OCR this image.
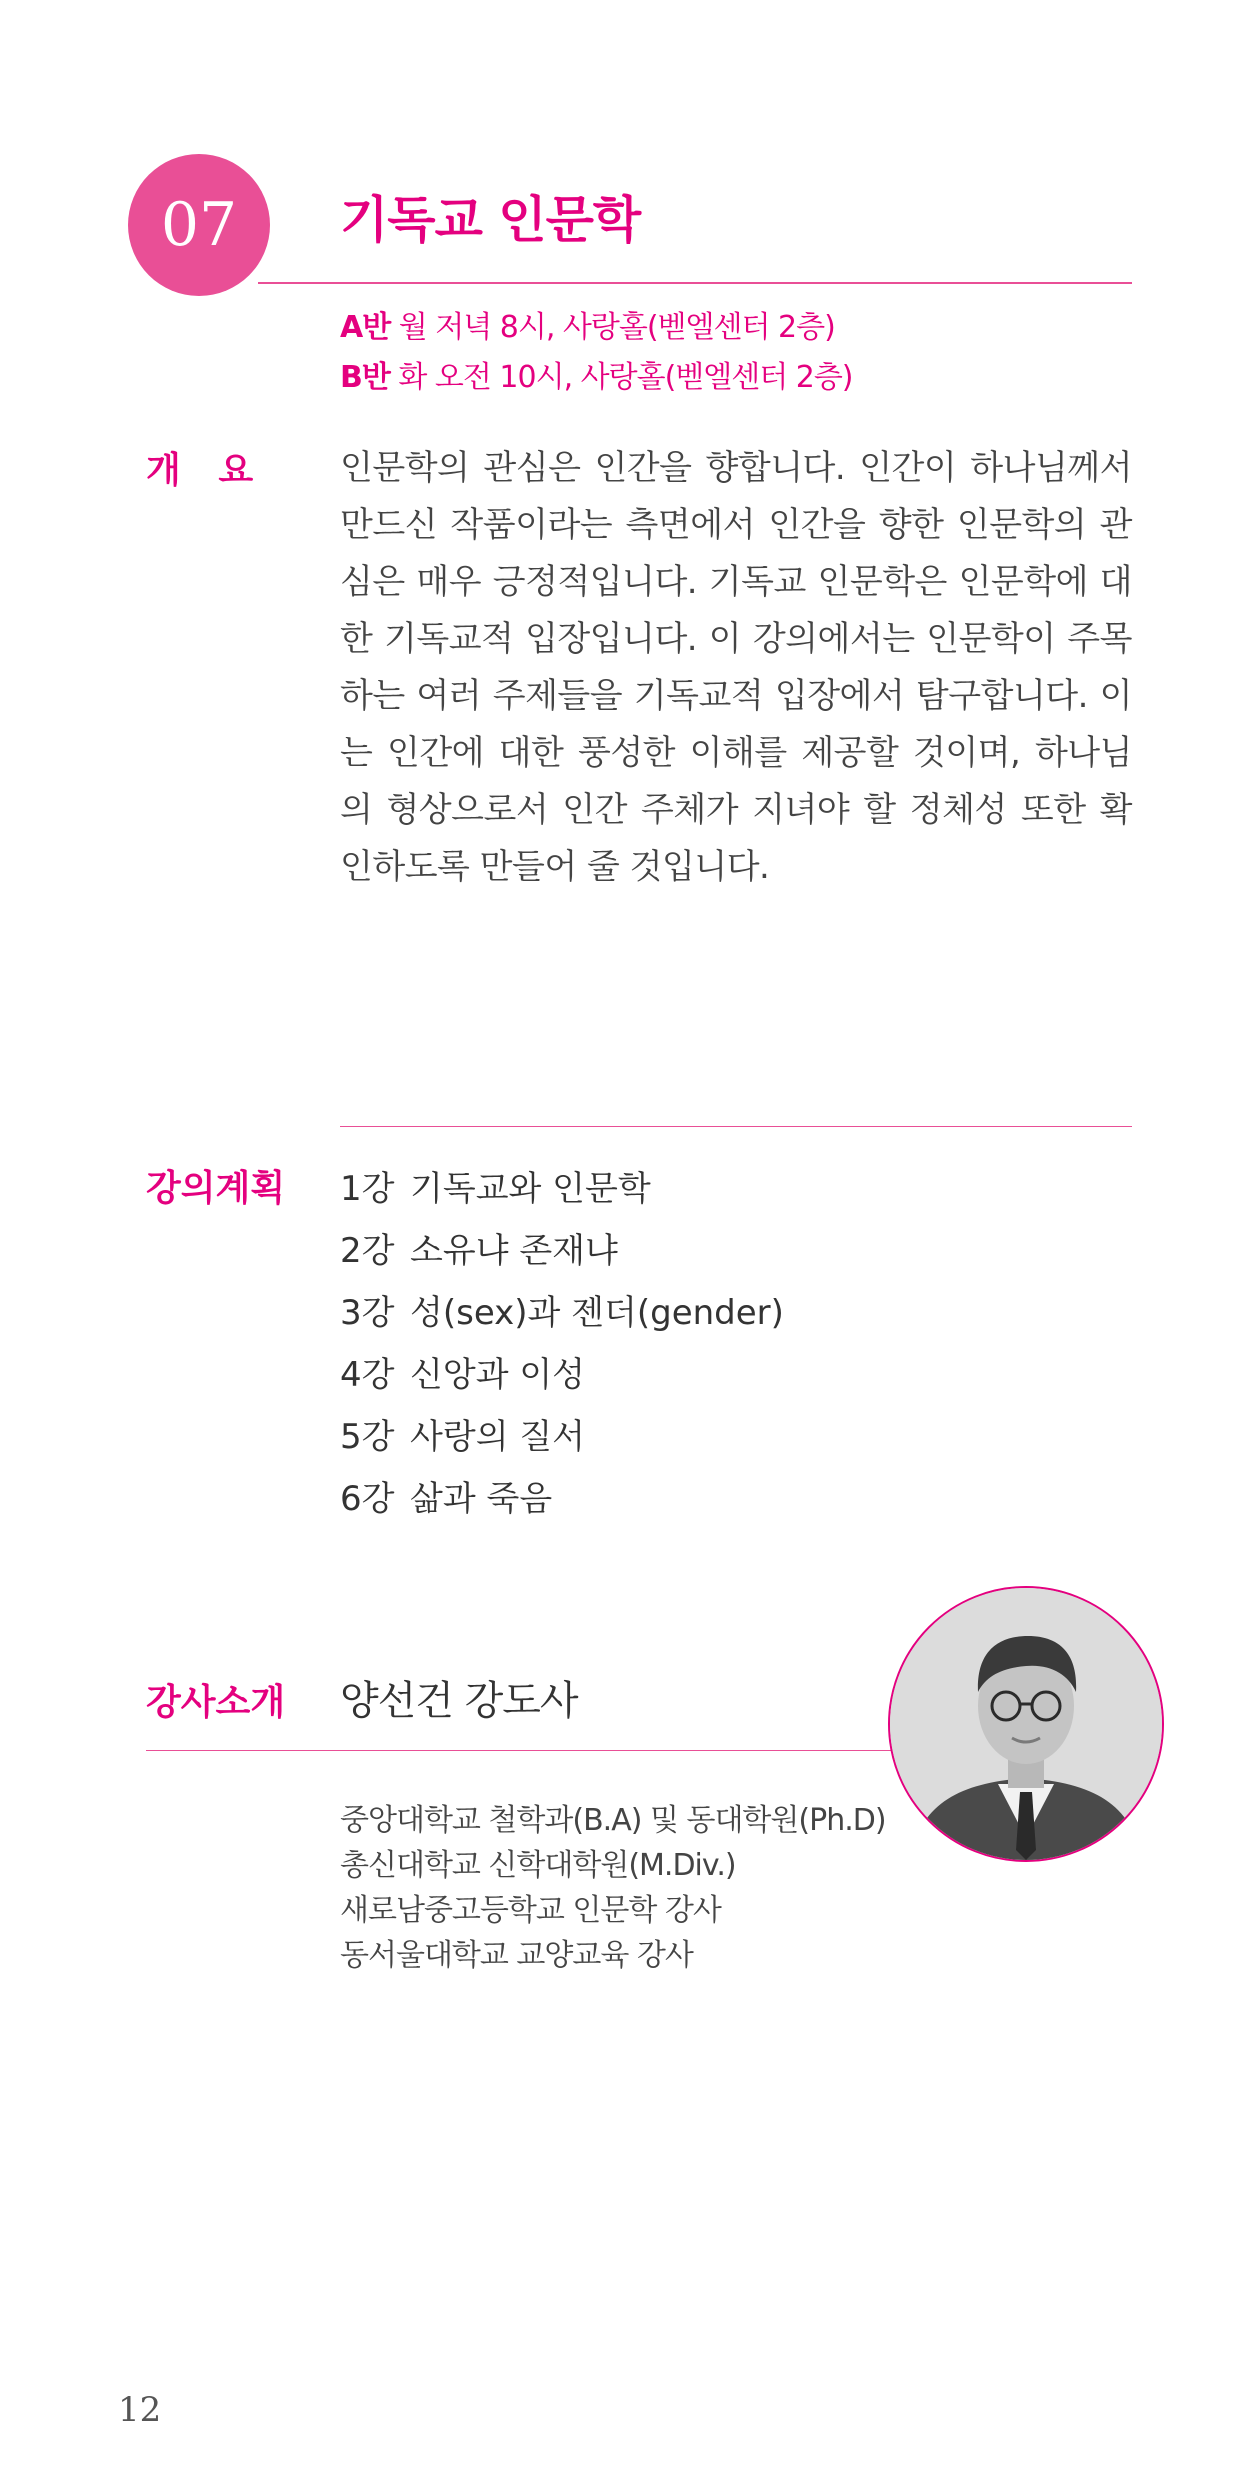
07	기독교 인문학
A반 월 저녁 8시, 사랑홀(벧엘센터 2층)
B반 화 오전 10시, 사랑홀(벧엘센터 2층)
개   요	인문학의 관심은 인간을 향합니다. 인간이 하나님께서 만드신 작품이라는 측면에서 인간을 향한 인문학의 관심은 매우 긍정적입니다. 기독교 인문학은 인문학에 대한 기독교적 입장입니다. 이 강의에서는 인문학이 주목하는 여러 주제들을 기독교적 입장에서 탐구합니다. 이는 인간에 대한 풍성한 이해를 제공할 것이며, 하나님의 형상으로서 인간 주체가 지녀야 할 정체성 또한 확인하도록 만들어 줄 것입니다.
강의계획 1강 기독교와 인문학
2강 소유냐 존재냐
3강 성(sex)과 젠더(gender)
4강 신앙과 이성
5강 사랑의 질서
6강 삶과 죽음
강사소개 양선건 강도사
중앙대학교 철학과(B.A) 및 동대학원(Ph.D)
총신대학교 신학대학원(M.Div.)
새로남중고등학교 인문학 강사
동서울대학교 교양교육 강사
12
